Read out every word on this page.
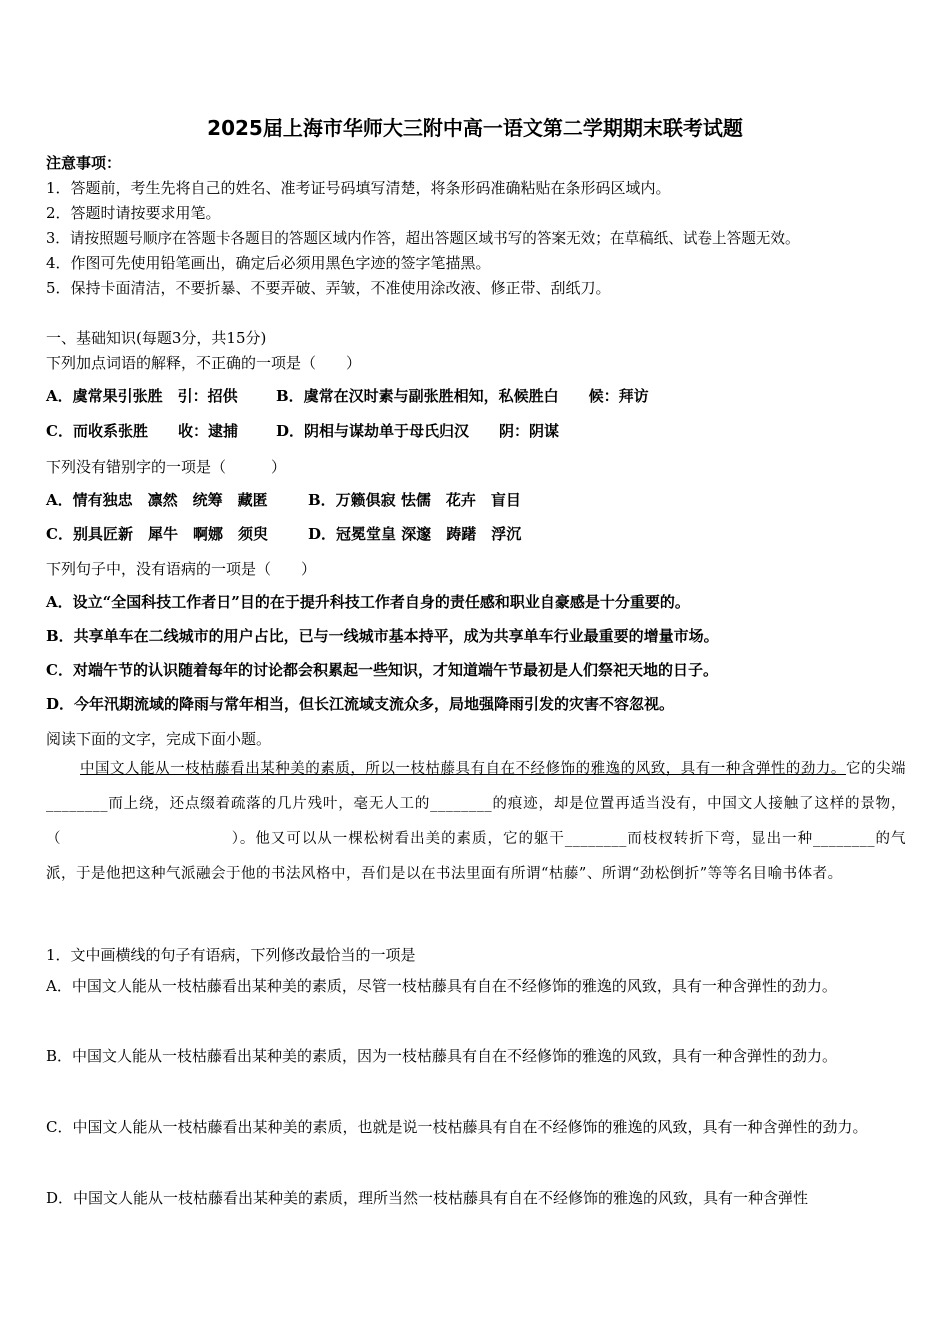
2025届上海市华师大三附中高一语文第二学期期末联考试题
注意事项：
1．答题前，考生先将自己的姓名、准考证号码填写清楚，将条形码准确粘贴在条形码区域内。
2．答题时请按要求用笔。
3．请按照题号顺序在答题卡各题目的答题区域内作答，超出答题区域书写的答案无效；在草稿纸、试卷上答题无效。
4．作图可先使用铅笔画出，确定后必须用黑色字迹的签字笔描黑。
5．保持卡面清洁，不要折暴、不要弄破、弄皱，不准使用涂改液、修正带、刮纸刀。
一、基础知识(每题3分，共15分)
下列加点词语的解释，不正确的一项是（　　）
A．虞常果引张胜　引：招供	B．虞常在汉时素与副张胜相知，私候胜白　　候：拜访
C．而收系张胜　　收：逮捕	D．阴相与谋劫单于母氏归汉　　阴：阴谋
下列没有错别字的一项是（　　　）
A．情有独忠　凛然　统筹　藏匿	B．万籁俱寂 怯儒　花卉　盲目
C．别具匠新　犀牛　啊娜　须臾	D．冠冕堂皇 深邃　踌躇　浮沉
下列句子中，没有语病的一项是（　　）
A．设立“全国科技工作者日”目的在于提升科技工作者自身的责任感和职业自豪感是十分重要的。
B．共享单车在二线城市的用户占比，已与一线城市基本持平，成为共享单车行业最重要的增量市场。
C．对端午节的认识随着每年的讨论都会积累起一些知识，才知道端午节最初是人们祭祀天地的日子。
D．今年汛期流域的降雨与常年相当，但长江流域支流众多，局地强降雨引发的灾害不容忽视。
阅读下面的文字，完成下面小题。
中国文人能从一枝枯藤看出某种美的素质，所以一枝枯藤具有自在不经修饰的雅逸的风致，具有一种含弹性的劲力。它的尖端________而上绕，还点缀着疏落的几片残叶，毫无人工的________的痕迹，却是位置再适当没有，中国文人接触了这样的景物，（　　　　　　　　　　　）。他又可以从一棵松树看出美的素质，它的躯干________而枝杈转折下弯，显出一种________的气派，于是他把这种气派融会于他的书法风格中，吾们是以在书法里面有所谓“枯藤”、所谓“劲松倒折”等等名目喻书体者。
1．文中画横线的句子有语病，下列修改最恰当的一项是
A．中国文人能从一枝枯藤看出某种美的素质，尽管一枝枯藤具有自在不经修饰的雅逸的风致，具有一种含弹性的劲力。
B．中国文人能从一枝枯藤看出某种美的素质，因为一枝枯藤具有自在不经修饰的雅逸的风致，具有一种含弹性的劲力。
C．中国文人能从一枝枯藤看出某种美的素质，也就是说一枝枯藤具有自在不经修饰的雅逸的风致，具有一种含弹性的劲力。
D．中国文人能从一枝枯藤看出某种美的素质，理所当然一枝枯藤具有自在不经修饰的雅逸的风致，具有一种含弹性
